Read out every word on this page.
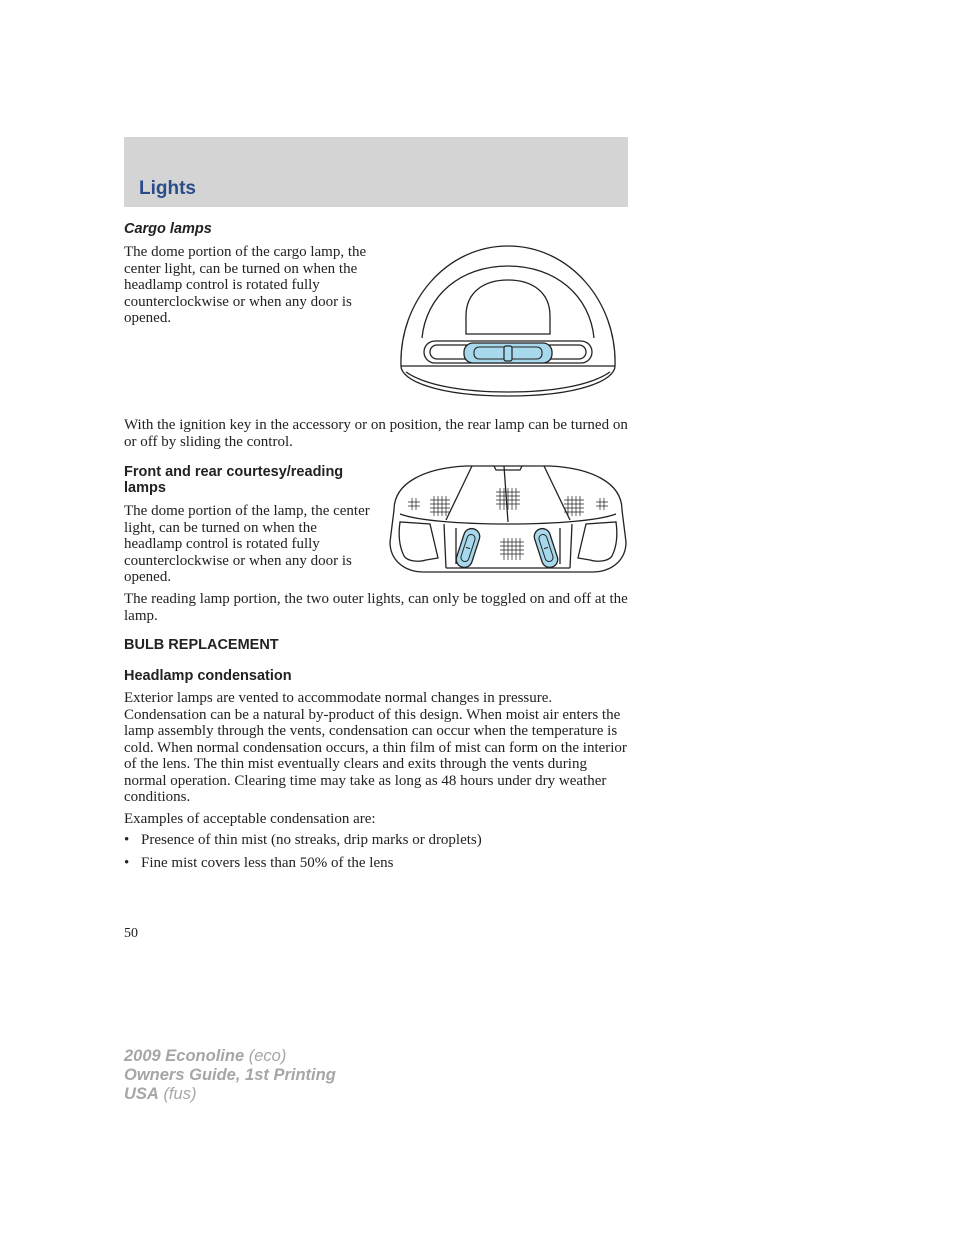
Lights
Cargo lamps
The dome portion of the cargo lamp, the center light, can be turned on when the headlamp control is rotated fully counterclockwise or when any door is opened.
With the ignition key in the accessory or on position, the rear lamp can be turned on or off by sliding the control.
Front and rear courtesy/reading lamps
The dome portion of the lamp, the center light, can be turned on when the headlamp control is rotated fully counterclockwise or when any door is opened.
The reading lamp portion, the two outer lights, can only be toggled on and off at the lamp.
BULB REPLACEMENT
Headlamp condensation
Exterior lamps are vented to accommodate normal changes in pressure. Condensation can be a natural by-product of this design. When moist air enters the lamp assembly through the vents, condensation can occur when the temperature is cold. When normal condensation occurs, a thin film of mist can form on the interior of the lens. The thin mist eventually clears and exits through the vents during normal operation. Clearing time may take as long as 48 hours under dry weather conditions.
Examples of acceptable condensation are:
• Presence of thin mist (no streaks, drip marks or droplets)
• Fine mist covers less than 50% of the lens
50
2009 Econoline (eco)
Owners Guide, 1st Printing
USA (fus)
